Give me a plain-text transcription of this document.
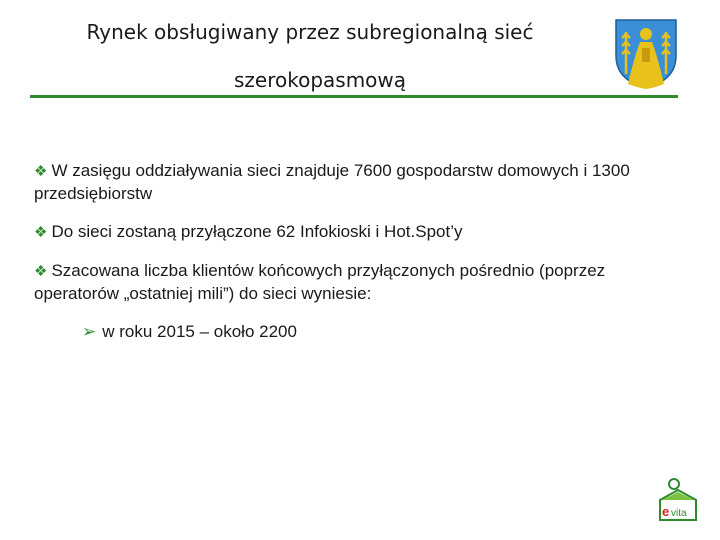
Rynek obsługiwany przez subregionalną sieć
szerokopasmową

❖ W zasięgu oddziaływania sieci znajduje 7600 gospodarstw domowych i 1300 przedsiębiorstw

❖ Do sieci zostaną przyłączone 62 Infokioski i Hot.Spot’y

❖ Szacowana liczba klientów końcowych przyłączonych pośrednio (poprzez operatorów „ostatniej mili”) do sieci wyniesie:

➢ w roku 2015 – około 2200

e vita
